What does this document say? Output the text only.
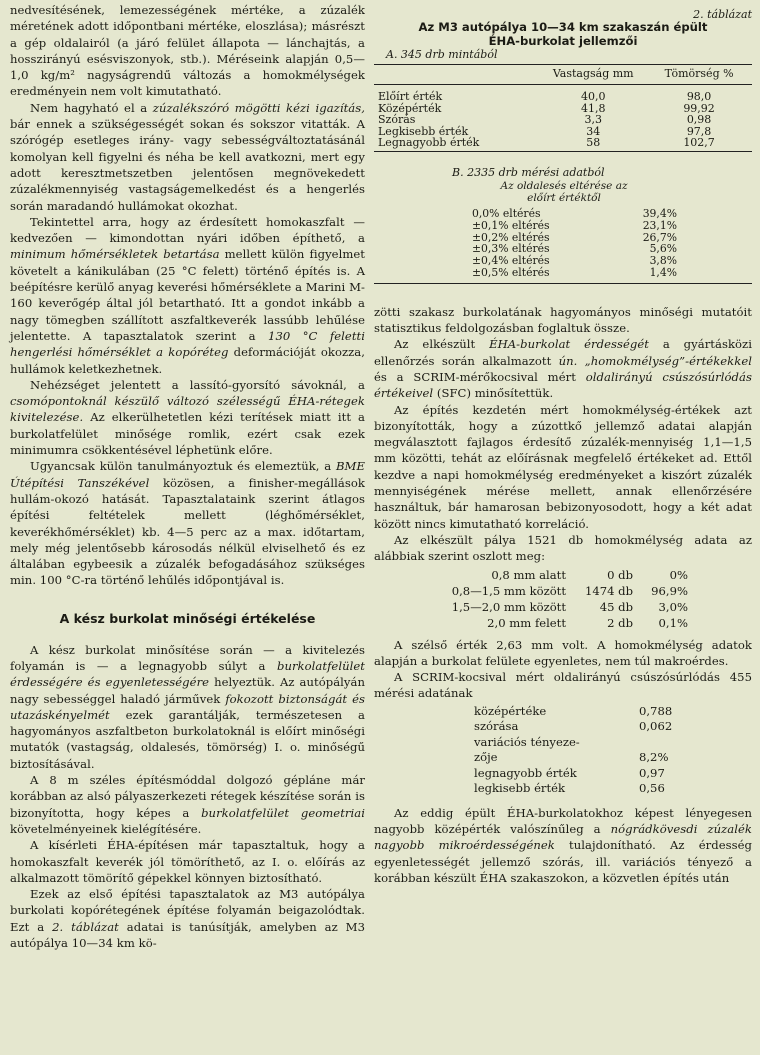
nedvesítésének, lemezességének mértéke, a zúzalék méretének adott időpontbani mértéke, eloszlása); másrészt a gép oldalairól (a járó felület állapota — lánchajtás, a hosszirányú esésviszonyok, stb.). Méréseink alapján 0,5—1,0 kg/m² nagyságrendű változás a homokmélységek eredményein nem volt kimutatható.

Nem hagyható el a zúzalékszóró mögötti kézi igazítás, bár ennek a szükségességét sokan és sokszor vitatták. A szórógép esetleges irány- vagy sebességváltoztatásánál komolyan kell figyelni és néha be kell avatkozni, mert egy adott keresztmetszetben jelentősen megnövekedett zúzalékmennyiség vastagságemelkedést és a hengerlés során maradandó hullámokat okozhat.

Tekintettel arra, hogy az érdesített homokaszfalt — kedvezően — kimondottan nyári időben építhető, a minimum hőmérsékletek betartása mellett külön figyelmet követelt a kánikulában (25 °C felett) történő építés is. A beépítésre kerülő anyag keverési hőmérséklete a Marini M-160 keverőgép által jól betartható. Itt a gondot inkább a nagy tömegben szállított aszfaltkeverék lassúbb lehűlése jelentette. A tapasztalatok szerint a 130 °C feletti hengerlési hőmérséklet a kopóréteg deformációját okozza, hullámok keletkezhetnek.

Nehézséget jelentett a lassító-gyorsító sávoknál, a csomópontoknál készülő változó szélességű ÉHA-rétegek kivitelezése. Az elkerülhetetlen kézi terítések miatt itt a burkolatfelület minősége romlik, ezért csak ezek minimumra csökkentésével léphetünk előre.

Ugyancsak külön tanulmányoztuk és elemeztük, a BME Útépítési Tanszékével közösen, a finisher-megállások hullám-okozó hatását. Tapasztalataink szerint átlagos építési feltételek mellett (léghőmérséklet, keverékhőmérséklet) kb. 4—5 perc az a max. időtartam, mely még jelentősebb károsodás nélkül elviselhető és ez általában egybeesik a zúzalék befogadásához szükséges min. 100 °C-ra történő lehűlés időpontjával is.

A kész burkolat minőségi értékelése

A kész burkolat minősítése során — a kivitelezés folyamán is — a legnagyobb súlyt a burkolatfelület érdességére és egyenletességére helyeztük. Az autópályán nagy sebességgel haladó járművek fokozott biztonságát és utazáskényelmét ezek garantálják, természetesen a hagyományos aszfaltbeton burkolatoknál is előírt minőségi mutatók (vastagság, oldalesés, tömörség) I. o. minőségű biztosításával.

A 8 m széles építésmóddal dolgozó gépláne már korábban az alsó pályaszerkezeti rétegek készítése során is bizonyította, hogy képes a burkolatfelület geometriai követelményeinek kielégítésére.

A kísérleti ÉHA-építésen már tapasztaltuk, hogy a homokaszfalt keverék jól tömöríthető, az I. o. előírás az alkalmazott tömörítő gépekkel könnyen biztosítható.

Ezek az első építési tapasztalatok az M3 autópálya burkolati kopórétegének építése folyamán beigazolódtak. Ezt a 2. táblázat adatai is tanúsítják, amelyben az M3 autópálya 10—34 km kö-

2. táblázat
Az M3 autópálya 10—34 km szakaszán épült
ÉHA-burkolat jellemzői
A. 345 drb mintából
	Vastagság mm	Tömörség %

Előírt érték	40,0	98,0
Középérték	41,8	99,92
Szórás	3,3	0,98
Legkisebb érték	34	97,8
Legnagyobb érték	58	102,7

B. 2335 drb mérési adatból
Az oldalesés eltérése az előírt értéktől
0,0% eltérés	39,4%
±0,1% eltérés	23,1%
±0,2% eltérés	26,7%
±0,3% eltérés	5,6%
±0,4% eltérés	3,8%
±0,5% eltérés	1,4%

zötti szakasz burkolatának hagyományos minőségi mutatóit statisztikus feldolgozásban foglaltuk össze.

Az elkészült ÉHA-burkolat érdességét a gyártásközi ellenőrzés során alkalmazott ún. „homokmélység”-értékekkel és a SCRIM-mérőkocsival mért oldalirányú csúszósúrlódás értékeivel (SFC) minősítettük.

Az építés kezdetén mért homokmélység-értékek azt bizonyították, hogy a zúzottkő jellemző adatai alapján megválasztott fajlagos érdesítő zúzalék-mennyiség 1,1—1,5 mm közötti, tehát az előírásnak megfelelő értékeket ad. Ettől kezdve a napi homokmélység eredményeket a kiszórt zúzalék mennyiségének mérése mellett, annak ellenőrzésére használtuk, bár hamarosan bebizonyosodott, hogy a két adat között nincs kimutatható korreláció.

Az elkészült pálya 1521 db homokmélység adata az alábbiak szerint oszlott meg:

0,8 mm alatt	0 db	0%
0,8—1,5 mm között	1474 db	96,9%
1,5—2,0 mm között	45 db	3,0%
2,0 mm felett	2 db	0,1%

A szélső érték 2,63 mm volt. A homokmélység adatok alapján a burkolat felülete egyenletes, nem túl makroérdes.

A SCRIM-kocsival mért oldalirányú csúszósúrlódás 455 mérési adatának

középértéke	0,788
szórása	0,062
variációs tényeze-	
zője	8,2%
legnagyobb érték	0,97
legkisebb érték	0,56

Az eddig épült ÉHA-burkolatokhoz képest lényegesen nagyobb középérték valószínűleg a nógrádkövesdi zúzalék nagyobb mikroérdességének tulajdonítható. Az érdesség egyenletességét jellemző szórás, ill. variációs tényező a korábban készült ÉHA szakaszokon, a közvetlen építés után
